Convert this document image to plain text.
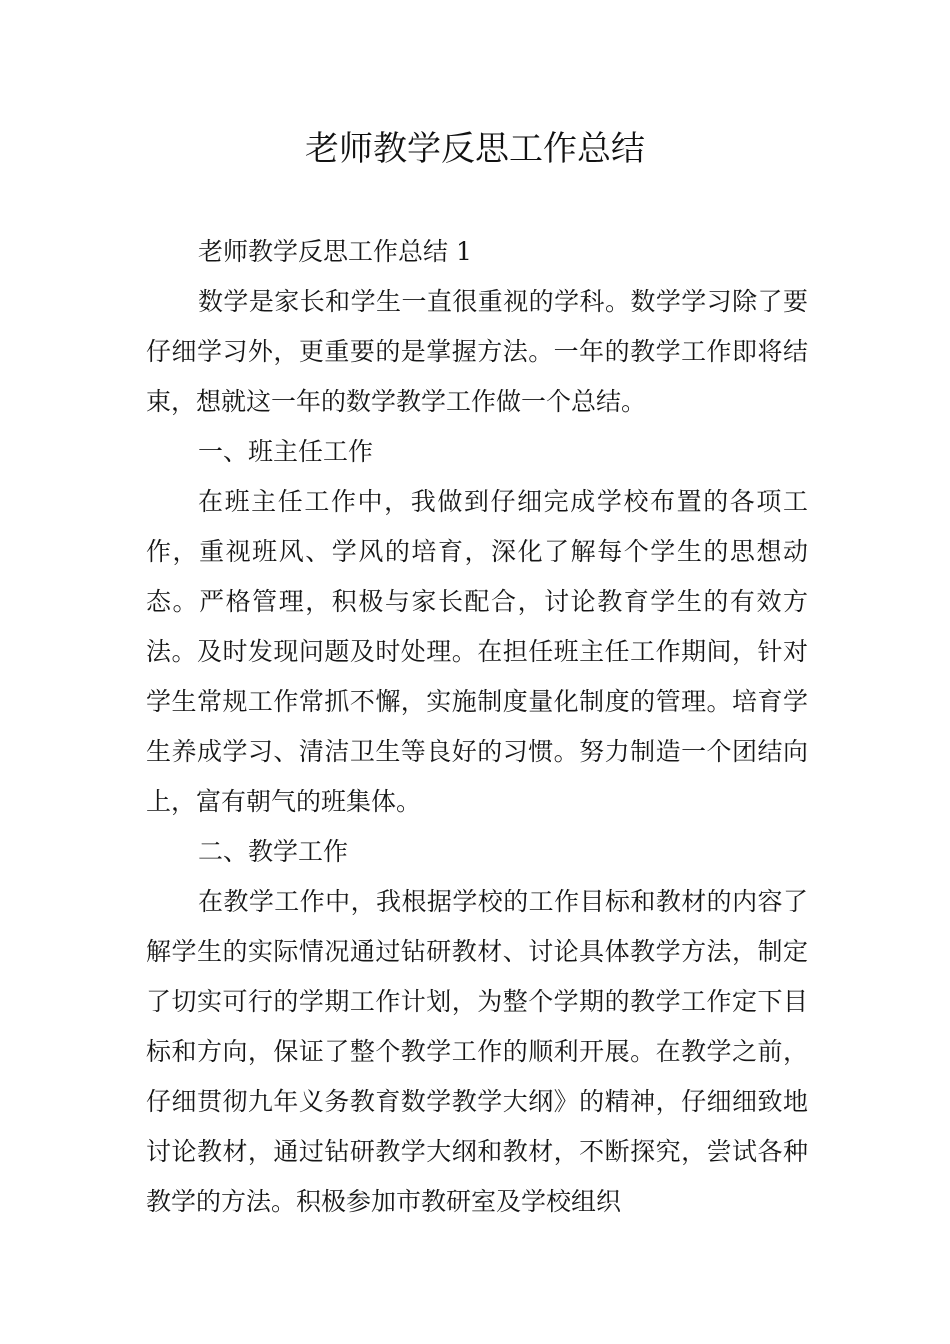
老师教学反思工作总结

老师教学反思工作总结 1

数学是家长和学生一直很重视的学科。数学学习除了要仔细学习外，更重要的是掌握方法。一年的教学工作即将结束，想就这一年的数学教学工作做一个总结。

一、班主任工作

在班主任工作中，我做到仔细完成学校布置的各项工作，重视班风、学风的培育，深化了解每个学生的思想动态。严格管理，积极与家长配合，讨论教育学生的有效方法。及时发现问题及时处理。在担任班主任工作期间，针对学生常规工作常抓不懈，实施制度量化制度的管理。培育学生养成学习、清洁卫生等良好的习惯。努力制造一个团结向上，富有朝气的班集体。

二、教学工作

在教学工作中，我根据学校的工作目标和教材的内容了解学生的实际情况通过钻研教材、讨论具体教学方法，制定了切实可行的学期工作计划，为整个学期的教学工作定下目标和方向，保证了整个教学工作的顺利开展。在教学之前，仔细贯彻九年义务教育数学教学大纲》的精神，仔细细致地讨论教材，通过钻研教学大纲和教材，不断探究，尝试各种教学的方法。积极参加市教研室及学校组织
